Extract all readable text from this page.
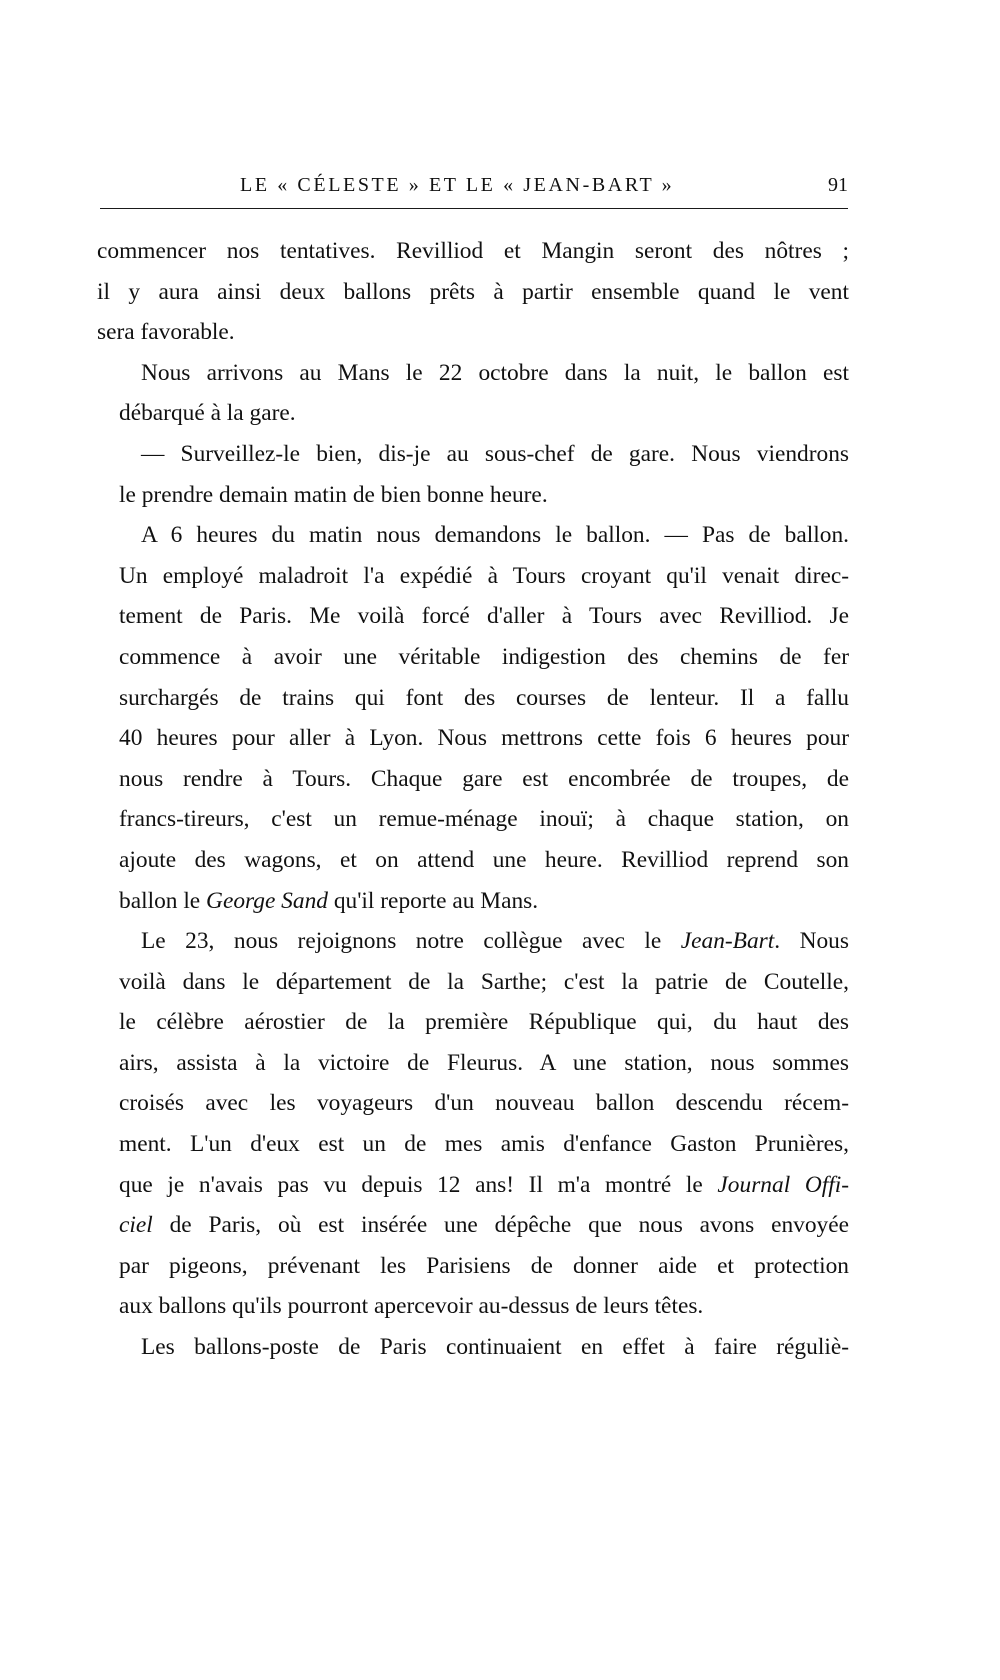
LE « CÉLESTE » ET LE « JEAN-BART »	91

commencer nos tentatives. Revilliod et Mangin seront des nôtres ;
il y aura ainsi deux ballons prêts à partir ensemble quand le vent
sera favorable.

Nous arrivons au Mans le 22 octobre dans la nuit, le ballon est
débarqué à la gare.

— Surveillez-le bien, dis-je au sous-chef de gare. Nous viendrons
le prendre demain matin de bien bonne heure.

A 6 heures du matin nous demandons le ballon. — Pas de ballon.
Un employé maladroit l'a expédié à Tours croyant qu'il venait direc-
tement de Paris. Me voilà forcé d'aller à Tours avec Revilliod. Je
commence à avoir une véritable indigestion des chemins de fer
surchargés de trains qui font des courses de lenteur. Il a fallu
40 heures pour aller à Lyon. Nous mettrons cette fois 6 heures pour
nous rendre à Tours. Chaque gare est encombrée de troupes, de
francs-tireurs, c'est un remue-ménage inouï; à chaque station, on
ajoute des wagons, et on attend une heure. Revilliod reprend son
ballon le George Sand qu'il reporte au Mans.

Le 23, nous rejoignons notre collègue avec le Jean-Bart. Nous
voilà dans le département de la Sarthe; c'est la patrie de Coutelle,
le célèbre aérostier de la première République qui, du haut des
airs, assista à la victoire de Fleurus. A une station, nous sommes
croisés avec les voyageurs d'un nouveau ballon descendu récem-
ment. L'un d'eux est un de mes amis d'enfance Gaston Prunières,
que je n'avais pas vu depuis 12 ans! Il m'a montré le Journal Offi-
ciel de Paris, où est insérée une dépêche que nous avons envoyée
par pigeons, prévenant les Parisiens de donner aide et protection
aux ballons qu'ils pourront apercevoir au-dessus de leurs têtes.

Les ballons-poste de Paris continuaient en effet à faire réguliè-
